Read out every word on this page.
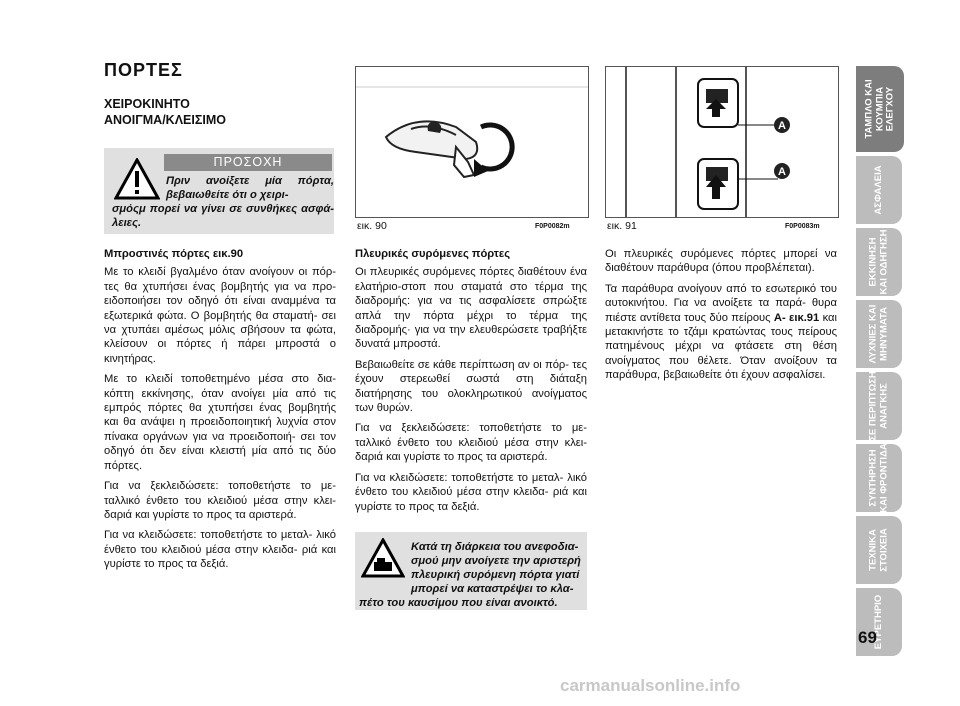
ΠΟΡΤΕΣ
ΧΕΙΡΟΚΙΝΗΤΟ
ΑΝΟΙΓΜΑ/ΚΛΕΙΣΙΜΟ
ΠΡΟΣΟΧΗ
Πριν ανοίξετε μία πόρτα, βεβαιωθείτε ότι ο χειρι-
σμόςμ πορεί να γίνει σε συνθήκες ασφά- λειες.

Μπροστινές πόρτες εικ.90

Με το κλειδί βγαλμένο όταν ανοίγουν οι πόρ- τες θα χτυπήσει ένας βομβητής για να προ- ειδοποιήσει τον οδηγό ότι είναι αναμμένα τα εξωτερικά φώτα. Ο βομβητής θα σταματή- σει να χτυπάει αμέσως μόλις σβήσουν τα φώτα, κλείσουν οι πόρτες ή πάρει μπροστά ο κινητήρας.

Με το κλειδί τοποθετημένο μέσα στο δια- κόπτη εκκίνησης, όταν ανοίγει μία από τις εμπρός πόρτες θα χτυπήσει ένας βομβητής και θα ανάψει η προειδοποιητική λυχνία στον πίνακα οργάνων για να προειδοποιή- σει τον οδηγό ότι δεν είναι κλειστή μία από τις δύο πόρτες.

Για να ξεκλειδώσετε: τοποθετήστε το με- ταλλικό ένθετο του κλειδιού μέσα στην κλει- δαριά και γυρίστε το προς τα αριστερά.

Για να κλειδώσετε: τοποθετήστε το μεταλ- λικό ένθετο του κλειδιού μέσα στην κλειδα- ριά και γυρίστε το προς τα δεξιά.

εικ. 90	F0P0082m
A
A
εικ. 91	F0P0083m

Πλευρικές συρόμενες πόρτες

Οι πλευρικές συρόμενες πόρτες διαθέτουν ένα ελατήριο-στοπ που σταματά στο τέρμα της διαδρομής: για να τις ασφαλίσετε σπρώξτε απλά την πόρτα μέχρι το τέρμα της διαδρομής· για να την ελευθερώσετε τραβήξτε δυνατά μπροστά.

Βεβαιωθείτε σε κάθε περίπτωση αν οι πόρ- τες έχουν στερεωθεί σωστά στη διάταξη διατήρησης του ολοκληρωτικού ανοίγματος των θυρών.

Για να ξεκλειδώσετε: τοποθετήστε το με- ταλλικό ένθετο του κλειδιού μέσα στην κλει- δαριά και γυρίστε το προς τα αριστερά.

Για να κλειδώσετε: τοποθετήστε το μεταλ- λικό ένθετο του κλειδιού μέσα στην κλειδα- ριά και γυρίστε το προς τα δεξιά.

Κατά τη διάρκεια του ανεφοδια- σμού μην ανοίγετε την αριστερή πλευρική συρόμενη πόρτα γιατί μπορεί να καταστρέψει το κλα-
πέτο του καυσίμου που είναι ανοικτό.

Οι πλευρικές συρόμενες πόρτες μπορεί να διαθέτουν παράθυρα (όπου προβλέπεται).

Τα παράθυρα ανοίγουν από το εσωτερικό του αυτοκινήτου. Για να ανοίξετε τα παρά- θυρα πιέστε αντίθετα τους δύο πείρους A- εικ.91 και μετακινήστε το τζάμι κρατώντας τους πείρους πατημένους μέχρι να φτάσετε στη θέση ανοίγματος που θέλετε. Όταν ανοίξουν τα παράθυρα, βεβαιωθείτε ότι έχουν ασφαλίσει.

ΤΑΜΠΛΟ ΚΑΙ
ΚΟΥΜΠΙΑ
ΕΛΕΓΧΟΥ
ΑΣΦΑΛΕΙΑ
ΕΚΚΙΝΗΣΗ
ΚΑΙ ΟΔΗΓΗΣΗ
ΛΥΧΝΙΕΣ ΚΑΙ
ΜΗΝΥΜΑΤΑ
ΣΕ ΠΕΡΙΠΤΩΣΗ
ΑΝΑΓΚΗΣ
ΣΥΝΤΗΡΗΣΗ
ΚΑΙ ΦΡΟΝΤΙΔΑ
ΤΕΧΝΙΚΑ
ΣΤΟΙΧΕΙΑ
ΕΥΡΕΤΗΡΙΟ
69
carmanualsonline.info
